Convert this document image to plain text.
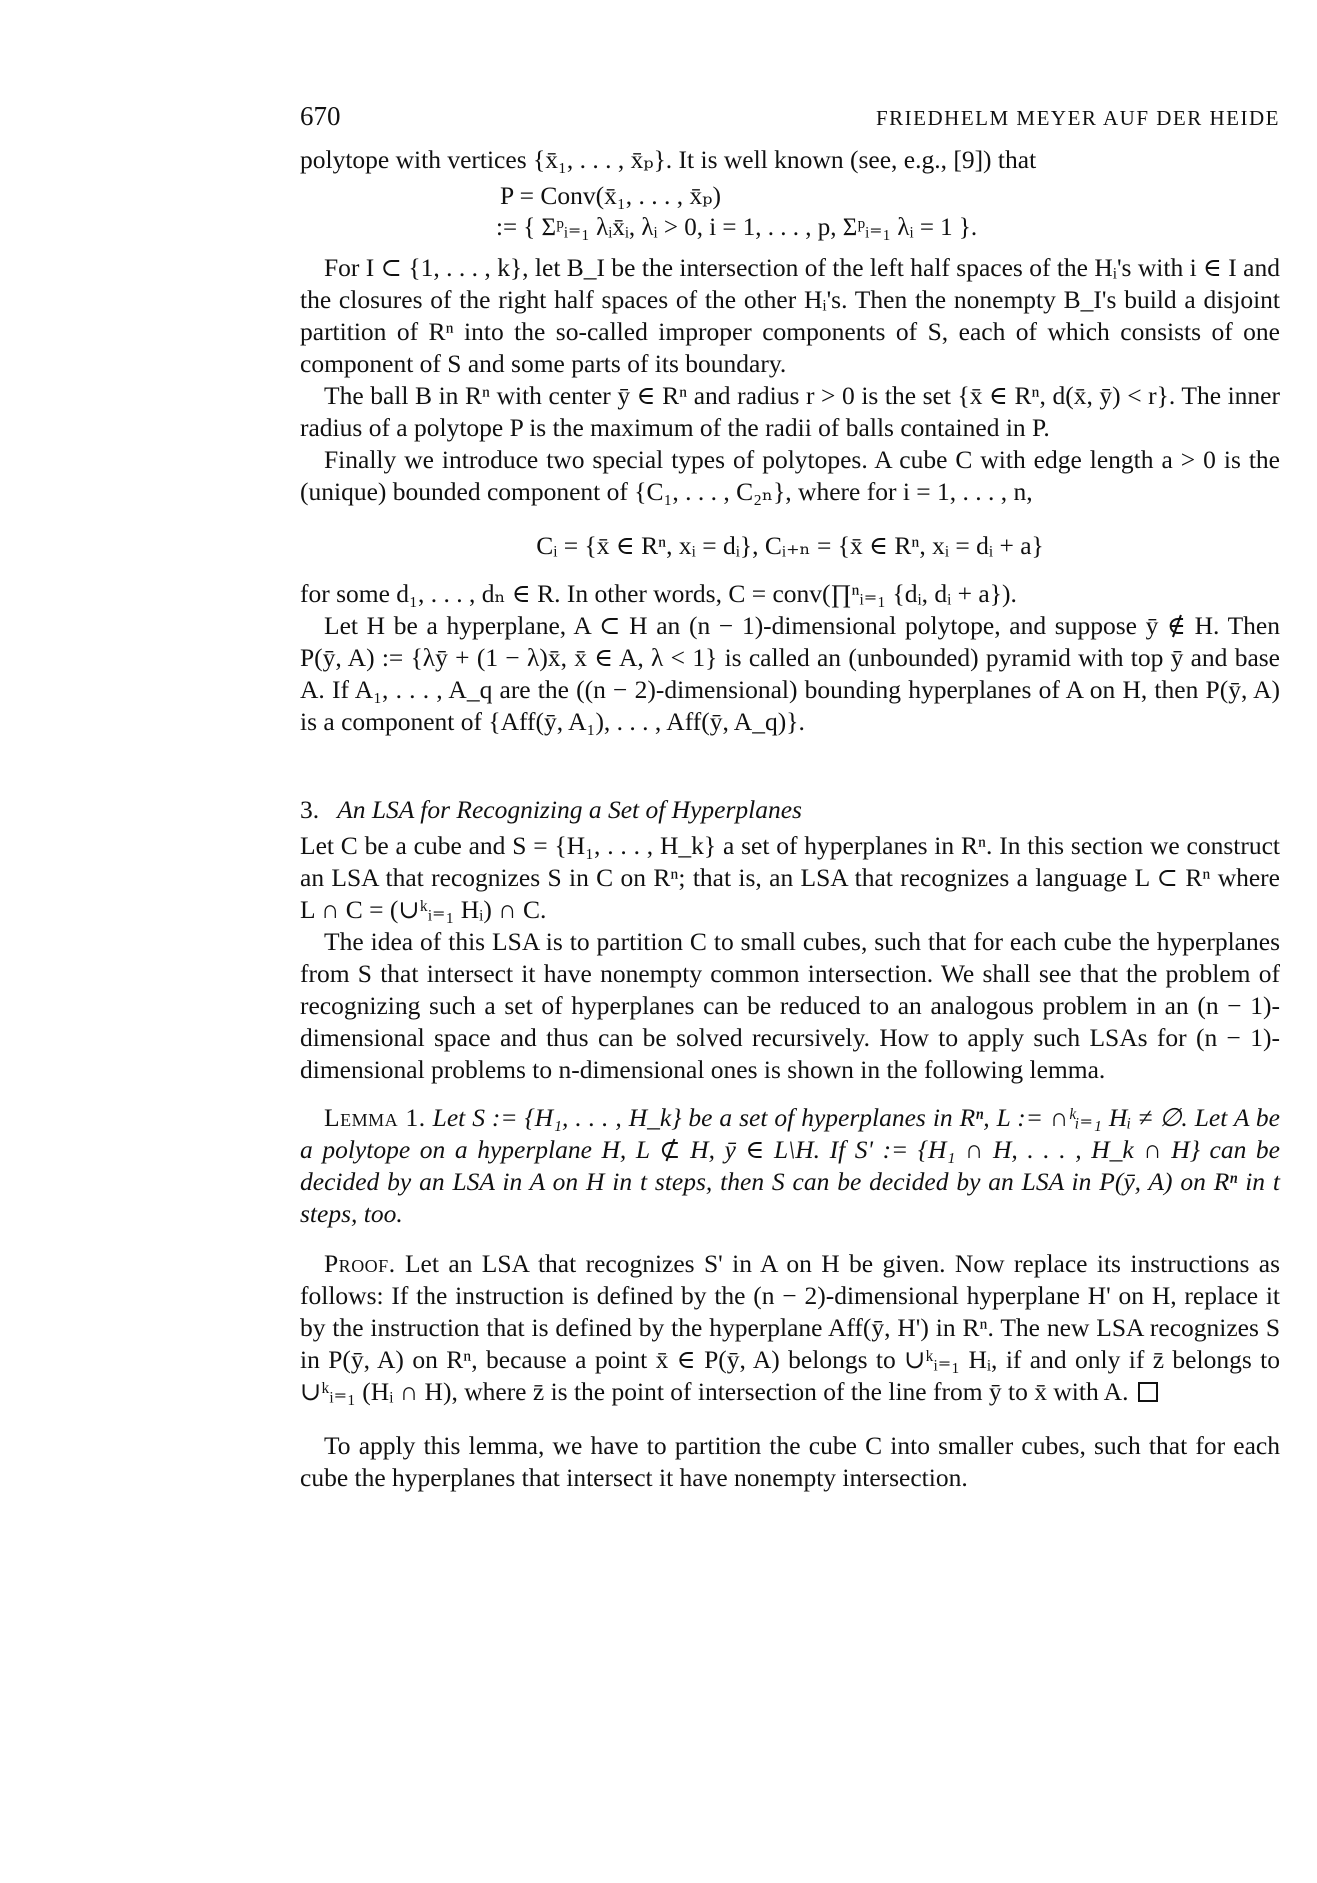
670	FRIEDHELM MEYER AUF DER HEIDE

polytope with vertices {x̄₁, . . . , x̄ₚ}. It is well known (see, e.g., [9]) that

P = Conv(x̄₁, . . . , x̄ₚ)
:= { Σᵖᵢ₌₁ λᵢx̄ᵢ, λᵢ > 0, i = 1, . . . , p, Σᵖᵢ₌₁ λᵢ = 1 }.

For I ⊂ {1, . . . , k}, let B_I be the intersection of the left half spaces of the Hᵢ's with i ∈ I and the closures of the right half spaces of the other Hᵢ's. Then the nonempty B_I's build a disjoint partition of Rⁿ into the so-called improper components of S, each of which consists of one component of S and some parts of its boundary.

The ball B in Rⁿ with center ȳ ∈ Rⁿ and radius r > 0 is the set {x̄ ∈ Rⁿ, d(x̄, ȳ) < r}. The inner radius of a polytope P is the maximum of the radii of balls contained in P.

Finally we introduce two special types of polytopes. A cube C with edge length a > 0 is the (unique) bounded component of {C₁, . . . , C₂ₙ}, where for i = 1, . . . , n,

Cᵢ = {x̄ ∈ Rⁿ, xᵢ = dᵢ}, Cᵢ₊ₙ = {x̄ ∈ Rⁿ, xᵢ = dᵢ + a}

for some d₁, . . . , dₙ ∈ R. In other words, C = conv(∏ⁿᵢ₌₁ {dᵢ, dᵢ + a}).

Let H be a hyperplane, A ⊂ H an (n − 1)-dimensional polytope, and suppose ȳ ∉ H. Then P(ȳ, A) := {λȳ + (1 − λ)x̄, x̄ ∈ A, λ < 1} is called an (unbounded) pyramid with top ȳ and base A. If A₁, . . . , A_q are the ((n − 2)-dimensional) bounding hyperplanes of A on H, then P(ȳ, A) is a component of {Aff(ȳ, A₁), . . . , Aff(ȳ, A_q)}.

3. An LSA for Recognizing a Set of Hyperplanes

Let C be a cube and S = {H₁, . . . , H_k} a set of hyperplanes in Rⁿ. In this section we construct an LSA that recognizes S in C on Rⁿ; that is, an LSA that recognizes a language L ⊂ Rⁿ where L ∩ C = (∪ᵏᵢ₌₁ Hᵢ) ∩ C.

The idea of this LSA is to partition C to small cubes, such that for each cube the hyperplanes from S that intersect it have nonempty common intersection. We shall see that the problem of recognizing such a set of hyperplanes can be reduced to an analogous problem in an (n − 1)-dimensional space and thus can be solved recursively. How to apply such LSAs for (n − 1)-dimensional problems to n-dimensional ones is shown in the following lemma.

Lemma 1. Let S := {H₁, . . . , H_k} be a set of hyperplanes in Rⁿ, L := ∩ᵏᵢ₌₁ Hᵢ ≠ ∅. Let A be a polytope on a hyperplane H, L ⊄ H, ȳ ∈ L\H. If S' := {H₁ ∩ H, . . . , H_k ∩ H} can be decided by an LSA in A on H in t steps, then S can be decided by an LSA in P(ȳ, A) on Rⁿ in t steps, too.

Proof. Let an LSA that recognizes S' in A on H be given. Now replace its instructions as follows: If the instruction is defined by the (n − 2)-dimensional hyperplane H' on H, replace it by the instruction that is defined by the hyperplane Aff(ȳ, H') in Rⁿ. The new LSA recognizes S in P(ȳ, A) on Rⁿ, because a point x̄ ∈ P(ȳ, A) belongs to ∪ᵏᵢ₌₁ Hᵢ, if and only if z̄ belongs to ∪ᵏᵢ₌₁ (Hᵢ ∩ H), where z̄ is the point of intersection of the line from ȳ to x̄ with A.

To apply this lemma, we have to partition the cube C into smaller cubes, such that for each cube the hyperplanes that intersect it have nonempty intersection.
